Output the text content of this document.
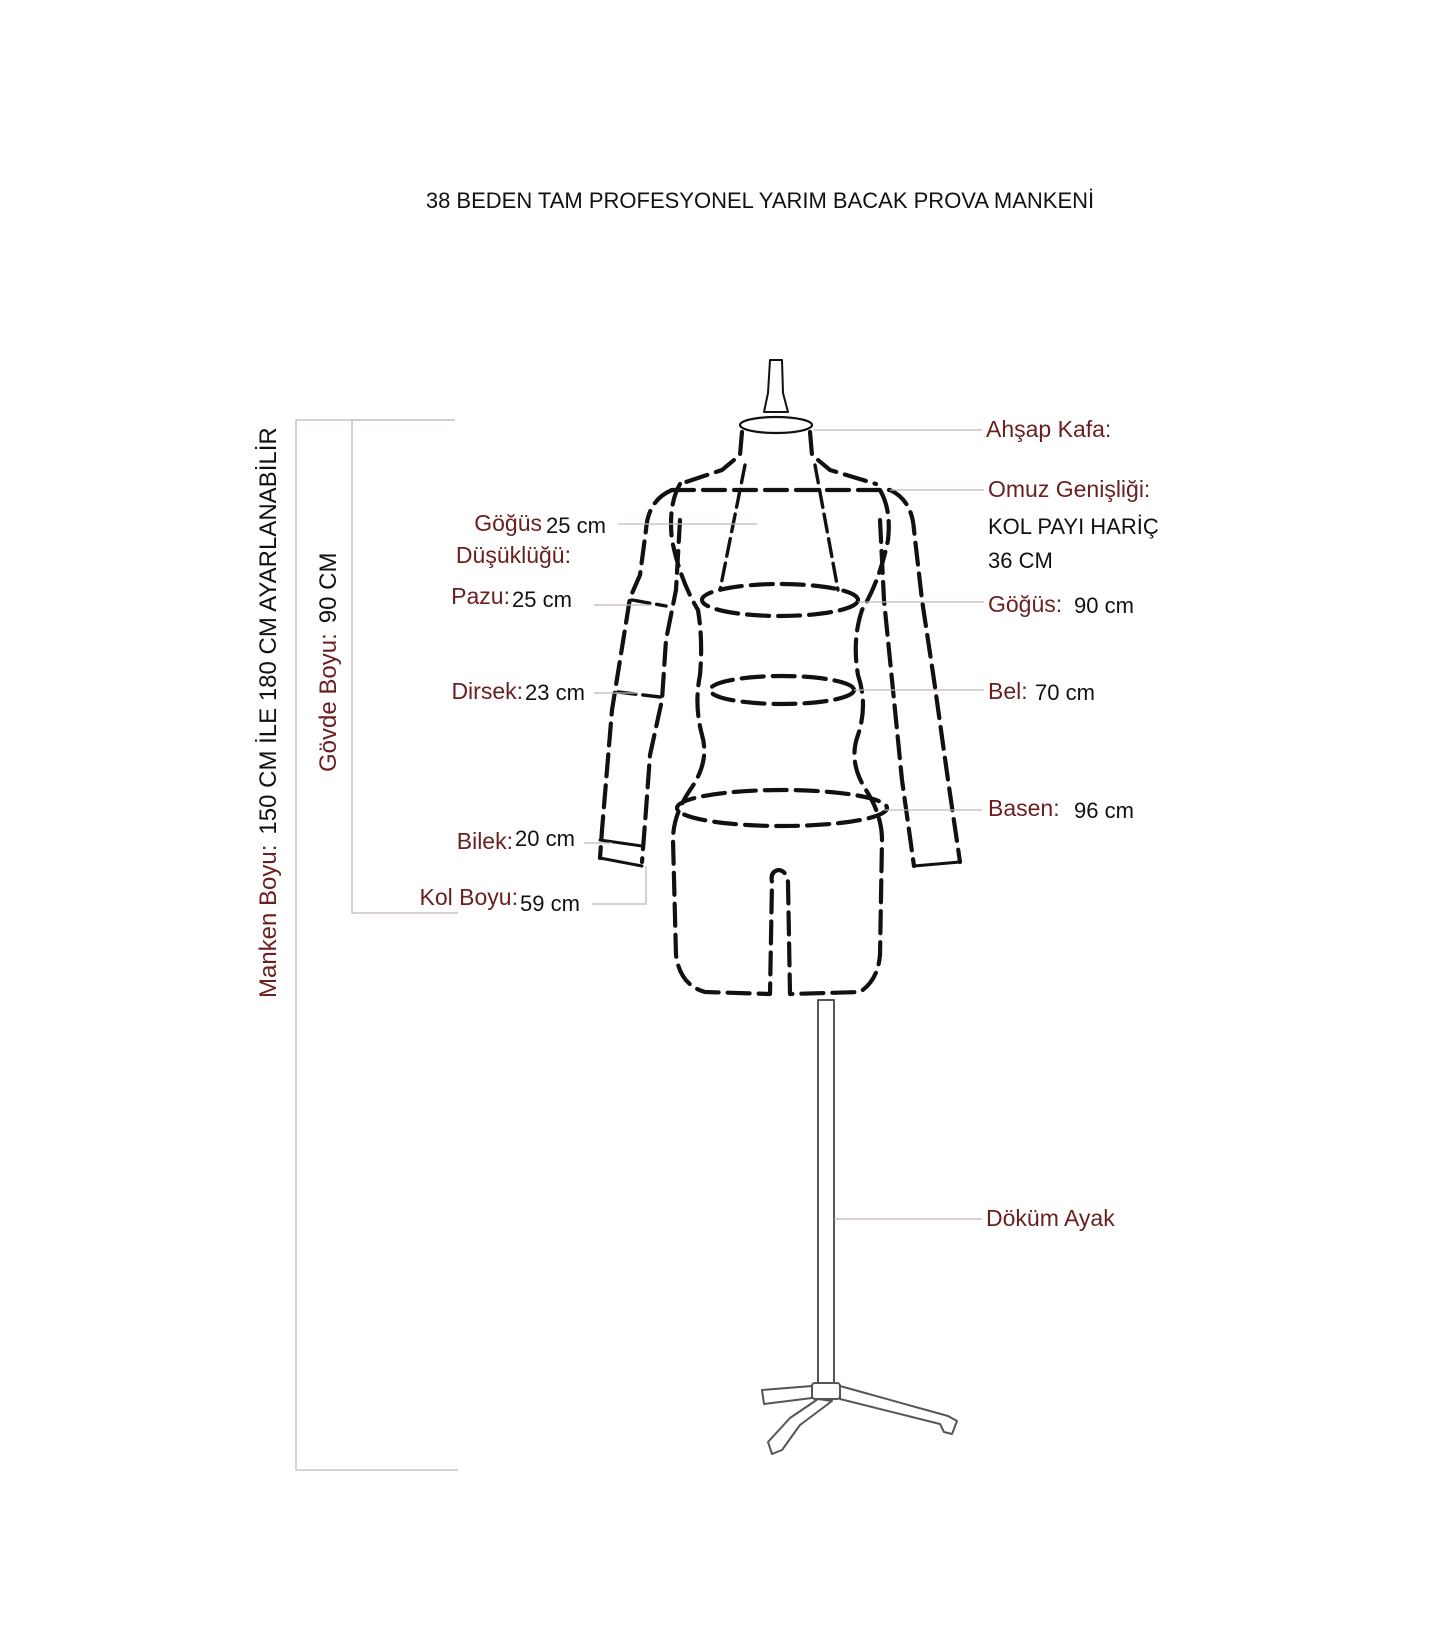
38 BEDEN TAM PROFESYONEL YARIM BACAK PROVA MANKENİ
Manken Boyu:150 CM İLE 180 CM AYARLANABİLİR Gövde Boyu:90 CM
Göğüs 25 cm
Düşüklüğü:
Pazu: 25 cm
Dirsek: 23 cm
Bilek: 20 cm
Kol Boyu: 59 cm
Ahşap Kafa:
Omuz Genişliği:
KOL PAYI HARİÇ
36 CM
Göğüs: 90 cm
Bel: 70 cm
Basen: 96 cm
Döküm Ayak
